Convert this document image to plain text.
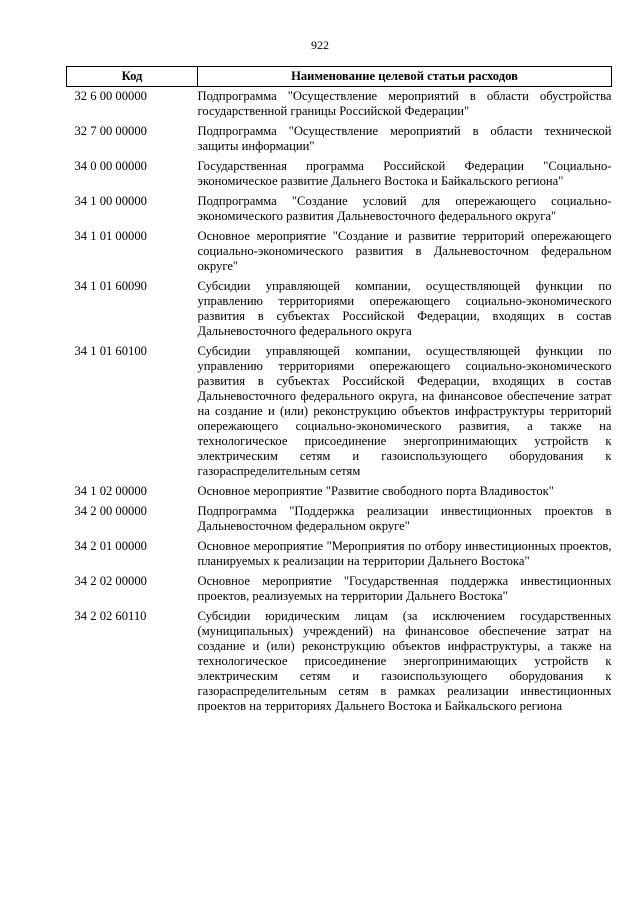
922
Код	Наименование целевой статьи расходов
32 6 00 00000	Подпрограмма "Осуществление мероприятий в области обустройства государственной границы Российской Федерации"
32 7 00 00000	Подпрограмма "Осуществление мероприятий в области технической защиты информации"
34 0 00 00000	Государственная программа Российской Федерации "Социально-экономическое развитие Дальнего Востока и Байкальского региона"
34 1 00 00000	Подпрограмма "Создание условий для опережающего социально-экономического развития Дальневосточного федерального округа"
34 1 01 00000	Основное мероприятие "Создание и развитие территорий опережающего социально-экономического развития в Дальневосточном федеральном округе"
34 1 01 60090	Субсидии управляющей компании, осуществляющей функции по управлению территориями опережающего социально-экономического развития в субъектах Российской Федерации, входящих в состав Дальневосточного федерального округа
34 1 01 60100	Субсидии управляющей компании, осуществляющей функции по управлению территориями опережающего социально-экономического развития в субъектах Российской Федерации, входящих в состав Дальневосточного федерального округа, на финансовое обеспечение затрат на создание и (или) реконструкцию объектов инфраструктуры территорий опережающего социально-экономического развития, а также на технологическое присоединение энергопринимающих устройств к электрическим сетям и газоиспользующего оборудования к газораспределительным сетям
34 1 02 00000	Основное мероприятие "Развитие свободного порта Владивосток"
34 2 00 00000	Подпрограмма "Поддержка реализации инвестиционных проектов в Дальневосточном федеральном округе"
34 2 01 00000	Основное мероприятие "Мероприятия по отбору инвестиционных проектов, планируемых к реализации на территории Дальнего Востока"
34 2 02 00000	Основное мероприятие "Государственная поддержка инвестиционных проектов, реализуемых на территории Дальнего Востока"
34 2 02 60110	Субсидии юридическим лицам (за исключением государственных (муниципальных) учреждений) на финансовое обеспечение затрат на создание и (или) реконструкцию объектов инфраструктуры, а также на технологическое присоединение энергопринимающих устройств к электрическим сетям и газоиспользующего оборудования к газораспределительным сетям в рамках реализации инвестиционных проектов на территориях Дальнего Востока и Байкальского региона
